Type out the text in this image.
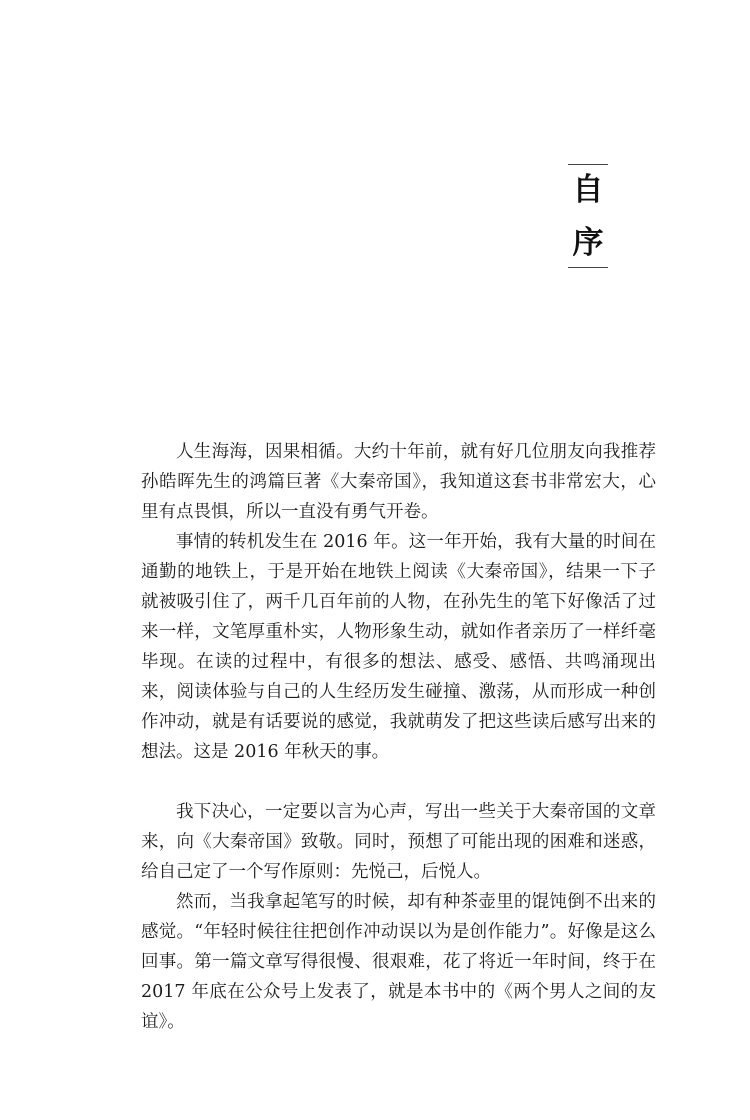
自
序

人生海海，因果相循。大约十年前，就有好几位朋友向我推荐孙皓晖先生的鸿篇巨著《大秦帝国》，我知道这套书非常宏大，心里有点畏惧，所以一直没有勇气开卷。

事情的转机发生在 2016 年。这一年开始，我有大量的时间在通勤的地铁上，于是开始在地铁上阅读《大秦帝国》，结果一下子就被吸引住了，两千几百年前的人物，在孙先生的笔下好像活了过来一样，文笔厚重朴实，人物形象生动，就如作者亲历了一样纤毫毕现。在读的过程中，有很多的想法、感受、感悟、共鸣涌现出来，阅读体验与自己的人生经历发生碰撞、激荡，从而形成一种创作冲动，就是有话要说的感觉，我就萌发了把这些读后感写出来的想法。这是 2016 年秋天的事。

我下决心，一定要以言为心声，写出一些关于大秦帝国的文章来，向《大秦帝国》致敬。同时，预想了可能出现的困难和迷惑，给自己定了一个写作原则：先悦己，后悦人。

然而，当我拿起笔写的时候，却有种茶壶里的馄饨倒不出来的感觉。“年轻时候往往把创作冲动误以为是创作能力”。好像是这么回事。第一篇文章写得很慢、很艰难，花了将近一年时间，终于在 2017 年底在公众号上发表了，就是本书中的《两个男人之间的友谊》。
